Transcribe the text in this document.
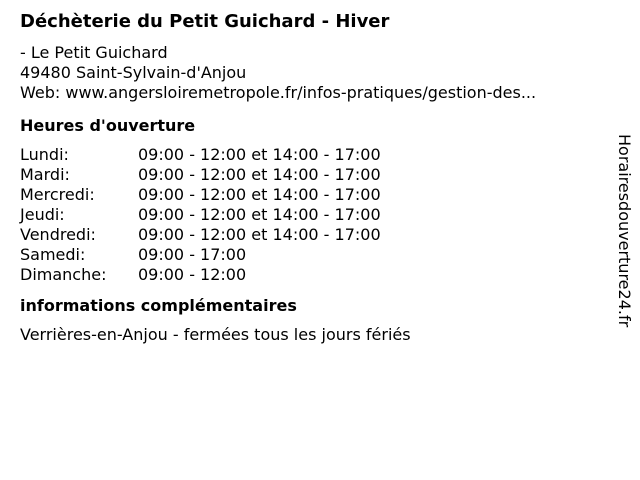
Déchèterie du Petit Guichard - Hiver
- Le Petit Guichard
49480 Saint-Sylvain-d'Anjou
Web: www.angersloiremetropole.fr/infos-pratiques/gestion-des...
Heures d'ouverture
Lundi:	09:00 - 12:00 et 14:00 - 17:00
Mardi:	09:00 - 12:00 et 14:00 - 17:00
Mercredi:	09:00 - 12:00 et 14:00 - 17:00
Jeudi:	09:00 - 12:00 et 14:00 - 17:00
Vendredi:	09:00 - 12:00 et 14:00 - 17:00
Samedi:	09:00 - 17:00
Dimanche: 09:00 - 12:00
informations complémentaires
Verrières-en-Anjou - fermées tous les jours fériés
Horairesdouverture24.fr
